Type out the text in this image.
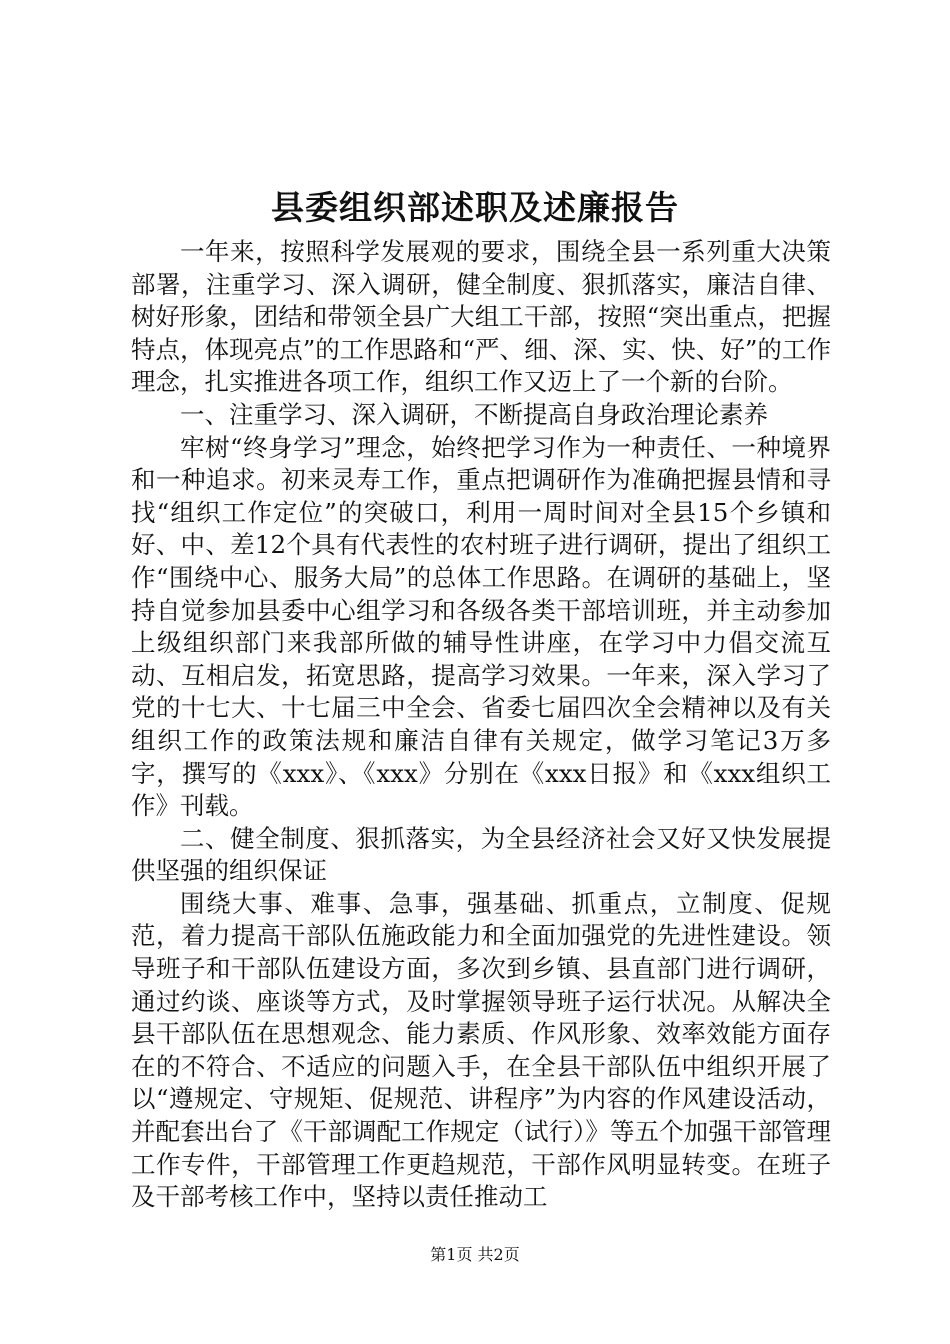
县委组织部述职及述廉报告

一年来，按照科学发展观的要求，围绕全县一系列重大决策部署，注重学习、深入调研，健全制度、狠抓落实，廉洁自律、树好形象，团结和带领全县广大组工干部，按照“突出重点，把握特点，体现亮点”的工作思路和“严、细、深、实、快、好”的工作理念，扎实推进各项工作，组织工作又迈上了一个新的台阶。

一、注重学习、深入调研，不断提高自身政治理论素养

牢树“终身学习”理念，始终把学习作为一种责任、一种境界和一种追求。初来灵寿工作，重点把调研作为准确把握县情和寻找“组织工作定位”的突破口，利用一周时间对全县15个乡镇和好、中、差12个具有代表性的农村班子进行调研，提出了组织工作“围绕中心、服务大局”的总体工作思路。在调研的基础上，坚持自觉参加县委中心组学习和各级各类干部培训班，并主动参加上级组织部门来我部所做的辅导性讲座，在学习中力倡交流互动、互相启发，拓宽思路，提高学习效果。一年来，深入学习了党的十七大、十七届三中全会、省委七届四次全会精神以及有关组织工作的政策法规和廉洁自律有关规定，做学习笔记3万多字，撰写的《xxx》、《xxx》分别在《xxx日报》和《xxx组织工作》刊载。

二、健全制度、狠抓落实，为全县经济社会又好又快发展提供坚强的组织保证

围绕大事、难事、急事，强基础、抓重点，立制度、促规范，着力提高干部队伍施政能力和全面加强党的先进性建设。领导班子和干部队伍建设方面，多次到乡镇、县直部门进行调研，通过约谈、座谈等方式，及时掌握领导班子运行状况。从解决全县干部队伍在思想观念、能力素质、作风形象、效率效能方面存在的不符合、不适应的问题入手，在全县干部队伍中组织开展了以“遵规定、守规矩、促规范、讲程序”为内容的作风建设活动，并配套出台了《干部调配工作规定（试行）》等五个加强干部管理工作专件，干部管理工作更趋规范，干部作风明显转变。在班子及干部考核工作中，坚持以责任推动工

第1页 共2页
